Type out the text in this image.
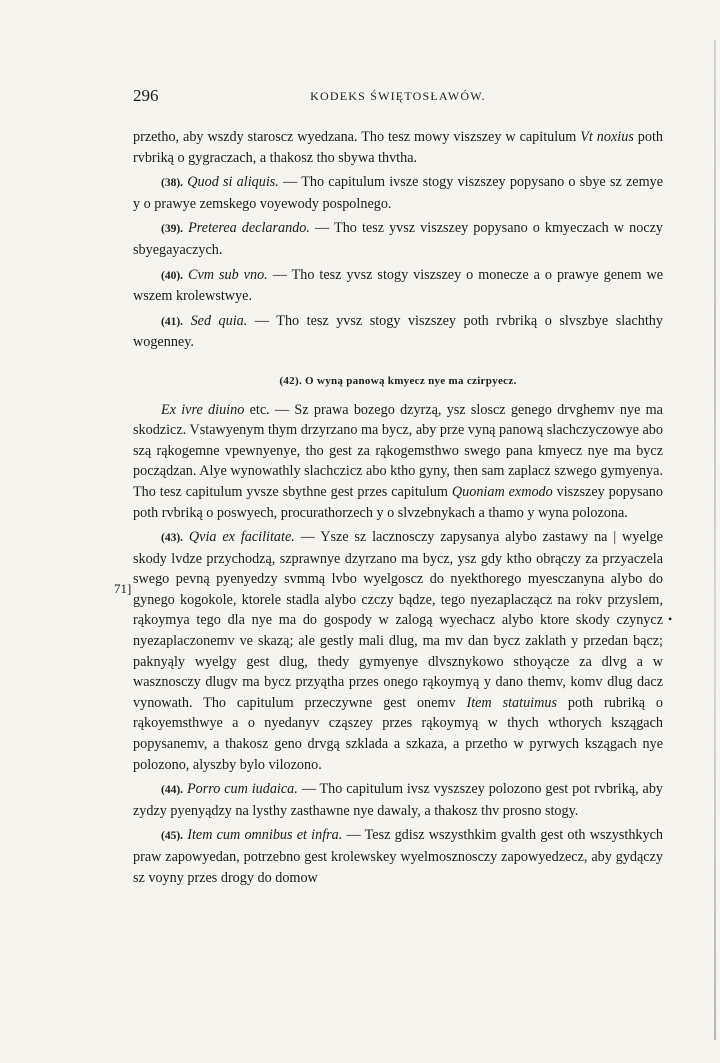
296	KODEKS ŚWIĘTOSŁAWÓW.
71]
•

przetho, aby wszdy staroscz wyedzana. Tho tesz mowy viszszey w capitulum Vt noxius poth rvbriką o gygraczach, a thakosz tho sbywa thvtha.

(38). Quod si aliquis. — Tho capitulum ivsze stogy viszszey popysano o sbye sz zemye y o prawye zemskego voyewody pospolnego.

(39). Preterea declarando. — Tho tesz yvsz viszszey popysano o kmyeczach w noczy sbyegayaczych.

(40). Cvm sub vno. — Tho tesz yvsz stogy viszszey o moneсze a o prawye genem we wszem krolewstwye.

(41). Sed quia. — Tho tesz yvsz stogy viszszey poth rvbriką o slvszbye slachthy wogenney.

(42). O wyną panową kmyecz nye ma czirpyecz.

Ex ivre diuino etc. — Sz prawa bozego dzyrzą, ysz slosсz genego drvghemv nye ma skodzicz. Vstawyenym thym drzyrzano ma bycz, aby prze vyną panową slachczyczowye abo szą rąkogemne vpewnyenye, tho gest za rąkogemsthwo swego pana kmyecz nye ma bycz począdzan. Alye wynowathly slachczicz abo ktho gyny, then sam zaplacz szwego gymyenya. Tho tesz capitulum yvsze sbythne gest przes capitulum Quoniam exmodo viszszey popysano poth rvbriką o poswyech, procurathorzech y o slvzebnykach a thamo y wyna polozona.

(43). Qvia ex facilitate. — Ysze sz lacznosczy zapysanya alybo zastawy na | wyelge skody lvdze przychodzą, szprawnye dzyrzano ma bycz, ysz gdy ktho obrączy za przyaczela swego pevną pyenyedzy svmmą lvbo wyelgoscz do nyekthorego myesczanyna alybo do gynego kogokole, ktorele stadla alybo czczy bądze, tego nyezaplacząсz na rokv przyslem, rąkoymya tego dla nye ma do gospody w zalogą wyechacz alybo ktore skody czynycz nyezaplaczonemv ve skazą; ale gestly mali dlug, ma mv dan bycz zaklath y przedan bącz; paknyąly wyelgy gest dlug, thedy gymyenye dlvsznykowo sthoyącze za dlvg a w wasznosczy dlugv ma bycz przyątha przes onego rąkoymyą y dano themv, komv dlug dacz vynowath. Tho capitulum przeczywne gest onemv Item statuimus poth rubriką o rąkoyemsthwye a o nyedanyv cząszey przes rąkoymyą w thych wthorych kszągach popysanemv, a thakosz geno drvgą szklada a szkaza, a przetho w pyrwych kszągach nye polozono, alyszby bylo vilozono.

(44). Porro cum iudaica. — Tho capitulum ivsz vyszszey polozono gest pot rvbriką, aby zydzy pyenyądzy na lysthy zasthawne nye dawaly, a thakosz thv prosno stogy.

(45). Item cum omnibus et infra. — Tesz gdisz wszysthkim gvalth gest oth wszysthkych praw zapowyedan, potrzebno gest krolewskey wyelmosznosczy zapowyedzecz, aby gydączy sz voyny przes drogy do domow
